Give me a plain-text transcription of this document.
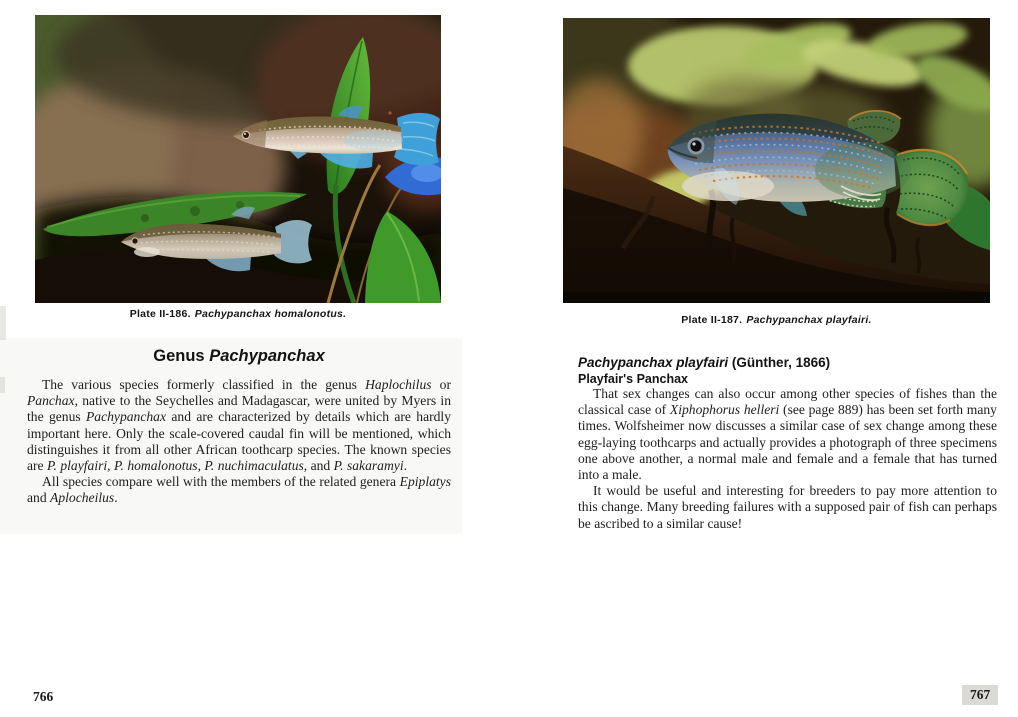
Plate II-186. Pachypanchax homalonotus.	Plate II-187. Pachypanchax playfairi.
Genus Pachypanchax

The various species formerly classified in the genus Haplochilus or Panchax, native to the Seychelles and Madagascar, were united by Myers in the genus Pachypanchax and are characterized by details which are hardly important here. Only the scale-covered caudal fin will be mentioned, which distinguishes it from all other African toothcarp species. The known species are P. playfairi, P. homalonotus, P. nuchimaculatus, and P. sakaramyi.

All species compare well with the members of the related genera Epiplatys and Aplocheilus.

766
Pachypanchax playfairi (Günther, 1866)
Playfair's Panchax

That sex changes can also occur among other species of fishes than the classical case of Xiphophorus helleri (see page 889) has been set forth many times. Wolfsheimer now discusses a similar case of sex change among these egg-laying toothcarps and actually provides a photograph of three specimens one above another, a normal male and female and a female that has turned into a male.

It would be useful and interesting for breeders to pay more attention to this change. Many breeding failures with a supposed pair of fish can perhaps be ascribed to a similar cause!

767
